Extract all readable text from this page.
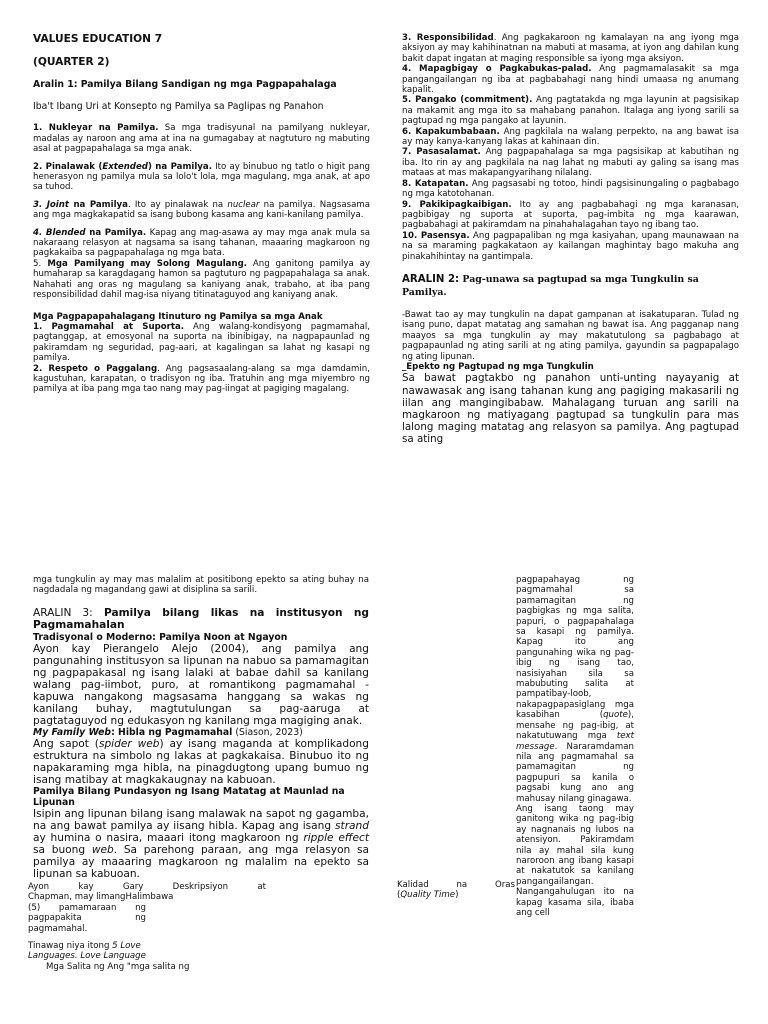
VALUES EDUCATION 7

(QUARTER 2)

Aralin 1: Pamilya Bilang Sandigan ng mga Pagpapahalaga

Iba't Ibang Uri at Konsepto ng Pamilya sa Paglipas ng Panahon

1. Nukleyar na Pamilya. Sa mga tradisyunal na pamilyang nukleyar, madalas ay naroon ang ama at ina na gumagabay at nagtuturo ng mabuting asal at pagpapahalaga sa mga anak.

2. Pinalawak (Extended) na Pamilya. Ito ay binubuo ng tatlo o higit pang henerasyon ng pamilya mula sa lolo't lola, mga magulang, mga anak, at apo sa tuhod.

3. Joint na Pamilya. Ito ay pinalawak na nuclear na pamilya. Nagsasama ang mga magkakapatid sa isang bubong kasama ang kani-kanilang pamilya.

4. Blended na Pamilya. Kapag ang mag-asawa ay may mga anak mula sa nakaraang relasyon at nagsama sa isang tahanan, maaaring magkaroon ng pagkakaiba sa pagpapahalaga ng mga bata.

5. Mga Pamilyang may Solong Magulang. Ang ganitong pamilya ay humaharap sa karagdagang hamon sa pagtuturo ng pagpapahalaga sa anak. Nahahati ang oras ng magulang sa kaniyang anak, trabaho, at iba pang responsibilidad dahil mag-isa niyang titinataguyod ang kaniyang anak.

Mga Pagpapapahalagang Itinuturo ng Pamilya sa mga Anak

1. Pagmamahal at Suporta. Ang walang-kondisyong pagmamahal, pagtanggap, at emosyonal na suporta na ibinibigay, na nagpapaunlad ng pakiramdam ng seguridad, pag-aari, at kagalingan sa lahat ng kasapi ng pamilya.

2. Respeto o Paggalang. Ang pagsasaalang-alang sa mga damdamin, kagustuhan, karapatan, o tradisyon ng iba. Tratuhin ang mga miyembro ng pamilya at iba pang mga tao nang may pag-iingat at pagiging magalang.

3. Responsibilidad. Ang pagkakaroon ng kamalayan na ang iyong mga aksiyon ay may kahihinatnan na mabuti at masama, at iyon ang dahilan kung bakit dapat ingatan at maging responsible sa iyong mga aksiyon.

4. Mapagbigay o Pagkabukas-palad. Ang pagmamalasakit sa mga pangangailangan ng iba at pagbabahagi nang hindi umaasa ng anumang kapalit.

5. Pangako (commitment). Ang pagtatakda ng mga layunin at pagsisikap na makamit ang mga ito sa mahabang panahon. Italaga ang iyong sarili sa pagtupad ng mga pangako at layunin.

6. Kapakumbabaan. Ang pagkilala na walang perpekto, na ang bawat isa ay may kanya-kanyang lakas at kahinaan din.

7. Pasasalamat. Ang pagpapahalaga sa mga pagsisikap at kabutihan ng iba. Ito rin ay ang pagkilala na nag lahat ng mabuti ay galing sa isang mas mataas at mas makapangyarihang nilalang.

8. Katapatan. Ang pagsasabi ng totoo, hindi pagsisinungaling o pagbabago ng mga katotohanan.

9. Pakikipagkaibigan. Ito ay ang pagbabahagi ng mga karanasan, pagbibigay ng suporta at suporta, pag-imbita ng mga kaarawan, pagbabahagi at pakiramdam na pinahahalagahan tayo ng ibang tao.

10. Pasensya. Ang pagpapaliban ng mga kasiyahan, upang maunawaan na na sa maraming pagkakataon ay kailangan maghintay bago makuha ang pinakahihintay na gantimpala.

ARALIN 2: Pag-unawa sa pagtupad sa mga Tungkulin sa Pamilya.

-Bawat tao ay may tungkulin na dapat gampanan at isakatuparan. Tulad ng isang puno, dapat matatag ang samahan ng bawat isa. Ang pagganap nang maayos sa mga tungkulin ay may makatutulong sa pagbabago at pagpapaunlad ng ating sarili at ng ating pamilya, gayundin sa pagpapalago ng ating lipunan.

_Epekto ng Pagtupad ng mga Tungkulin

Sa bawat pagtakbo ng panahon unti-unting nayayanig at nawawasak ang isang tahanan kung ang pagiging makasarili ng iilan ang mangingibabaw. Mahalagang turuan ang sarili na magkaroon ng matiyagang pagtupad sa tungkulin para mas lalong maging matatag ang relasyon sa pamilya. Ang pagtupad sa ating

mga tungkulin ay may mas malalim at positibong epekto sa ating buhay na nagdadala ng magandang gawi at disiplina sa sarili.

ARALIN 3: Pamilya bilang likas na institusyon ng Pagmamahalan

Tradisyonal o Moderno: Pamilya Noon at Ngayon

Ayon kay Pierangelo Alejo (2004), ang pamilya ang pangunahing institusyon sa lipunan na nabuo sa pamamagitan ng pagpapakasal ng isang lalaki at babae dahil sa kanilang walang pag-iimbot, puro, at romantikong pagmamahal - kapuwa nangakong magsasama hanggang sa wakas ng kanilang buhay, magtutulungan sa pag-aaruga at pagtataguyod ng edukasyon ng kanilang mga magiging anak.

My Family Web: Hibla ng Pagmamahal (Siason, 2023)

Ang sapot (spider web) ay isang maganda at komplikadong estruktura na simbolo ng lakas at pagkakaisa. Binubuo ito ng napakaraming mga hibla, na pinagdugtong upang bumuo ng isang matibay at magkakaugnay na kabuoan.

Pamilya Bilang Pundasyon ng Isang Matatag at Maunlad na Lipunan

Isipin ang lipunan bilang isang malawak na sapot ng gagamba, na ang bawat pamilya ay iisang hibla. Kapag ang isang strand ay humina o nasira, maaari itong magkaroon ng ripple effect sa buong web. Sa parehong paraan, ang mga relasyon sa pamilya ay maaaring magkaroon ng malalim na epekto sa lipunan sa kabuoan.

Ayon kay Gary Deskripsiyon at

Chapman, may limangHalimbawa

(5) pamamaraan ng

pagpapakita ng

pagmamahal.

Tinawag niya itong 5 Love Languages. Love Language

Mga Salita ng Ang "mga salita ng

pagpapahayag ng pagmamahal sa pamamagitan ng pagbigkas ng mga salita, papuri, o pagpapahalaga sa kasapi ng pamilya. Kapag ito ang pangunahing wika ng pag-ibig ng isang tao, nasisiyahan sila sa mabubuting salita at pampatibay-loob, nakapagpapasiglang mga kasabihan (quote), mensahe ng pag-ibig, at nakatutuwang mga text message. Nararamdaman nila ang pagmamahal sa pamamagitan ng pagpupuri sa kanila o pagsabi kung ano ang mahusay nilang ginagawa.

Ang isang taong may ganitong wika ng pag-ibig ay nagnanais ng lubos na atensiyon. Pakiramdam nila ay mahal sila kung naroroon ang ibang kasapi at nakatutok sa kanilang pangangailangan. Nangangahulugan ito na kapag kasama sila, ibaba ang cell

Kalidad na Oras

(Quality Time)
